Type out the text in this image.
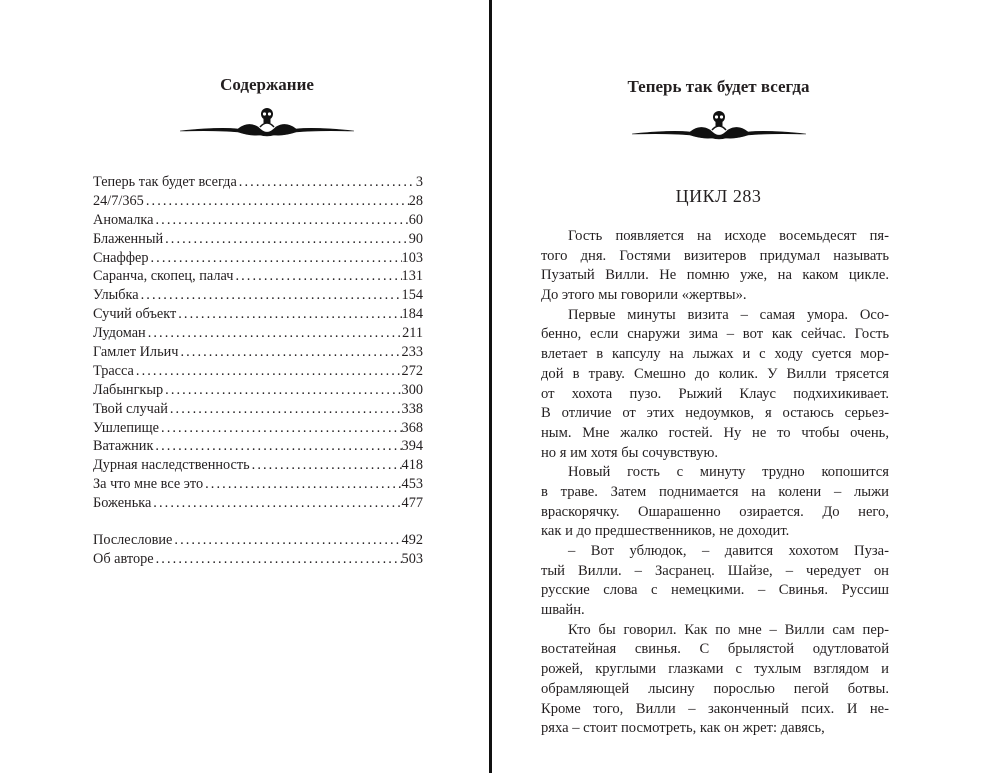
Содержание
Теперь так будет всегда .....	3
24/7/365 .....	28
Аномалка .....	60
Блаженный .....	90
Снаффер .....	103
Саранча, скопец, палач .....	131
Улыбка .....	154
Сучий объект .....	184
Лудоман .....	211
Гамлет Ильич .....	233
Трасса .....	272
Лабынгкыр .....	300
Твой случай .....	338
Ушлепище .....	368
Ватажник .....	394
Дурная наследственность .....	418
За что мне все это .....	453
Боженька .....	477
Послесловие .....	492
Об авторе .....	503
Теперь так будет всегда
ЦИКЛ 283
Гость появляется на исходе восемьдесят пя-
того дня. Гостями визитеров придумал называть
Пузатый Вилли. Не помню уже, на каком цикле.
До этого мы говорили «жертвы».
Первые минуты визита – самая умора. Осо-
бенно, если снаружи зима – вот как сейчас. Гость
влетает в капсулу на лыжах и с ходу суется мор-
дой в траву. Смешно до колик. У Вилли трясется
от хохота пузо. Рыжий Клаус подхихикивает.
В отличие от этих недоумков, я остаюсь серьез-
ным. Мне жалко гостей. Ну не то чтобы очень,
но я им хотя бы сочувствую.
Новый гость с минуту трудно копошится
в траве. Затем поднимается на колени – лыжи
враскорячку. Ошарашенно озирается. До него,
как и до предшественников, не доходит.
– Вот ублюдок, – давится хохотом Пуза-
тый Вилли. – Засранец. Шайзе, – чередует он
русские слова с немецкими. – Свинья. Руссиш
швайн.
Кто бы говорил. Как по мне – Вилли сам пер-
востатейная свинья. С брылястой одутловатой
рожей, круглыми глазками с тухлым взглядом и
обрамляющей лысину порослью пегой ботвы.
Кроме того, Вилли – законченный псих. И не-
ряха – стоит посмотреть, как он жрет: давясь,
